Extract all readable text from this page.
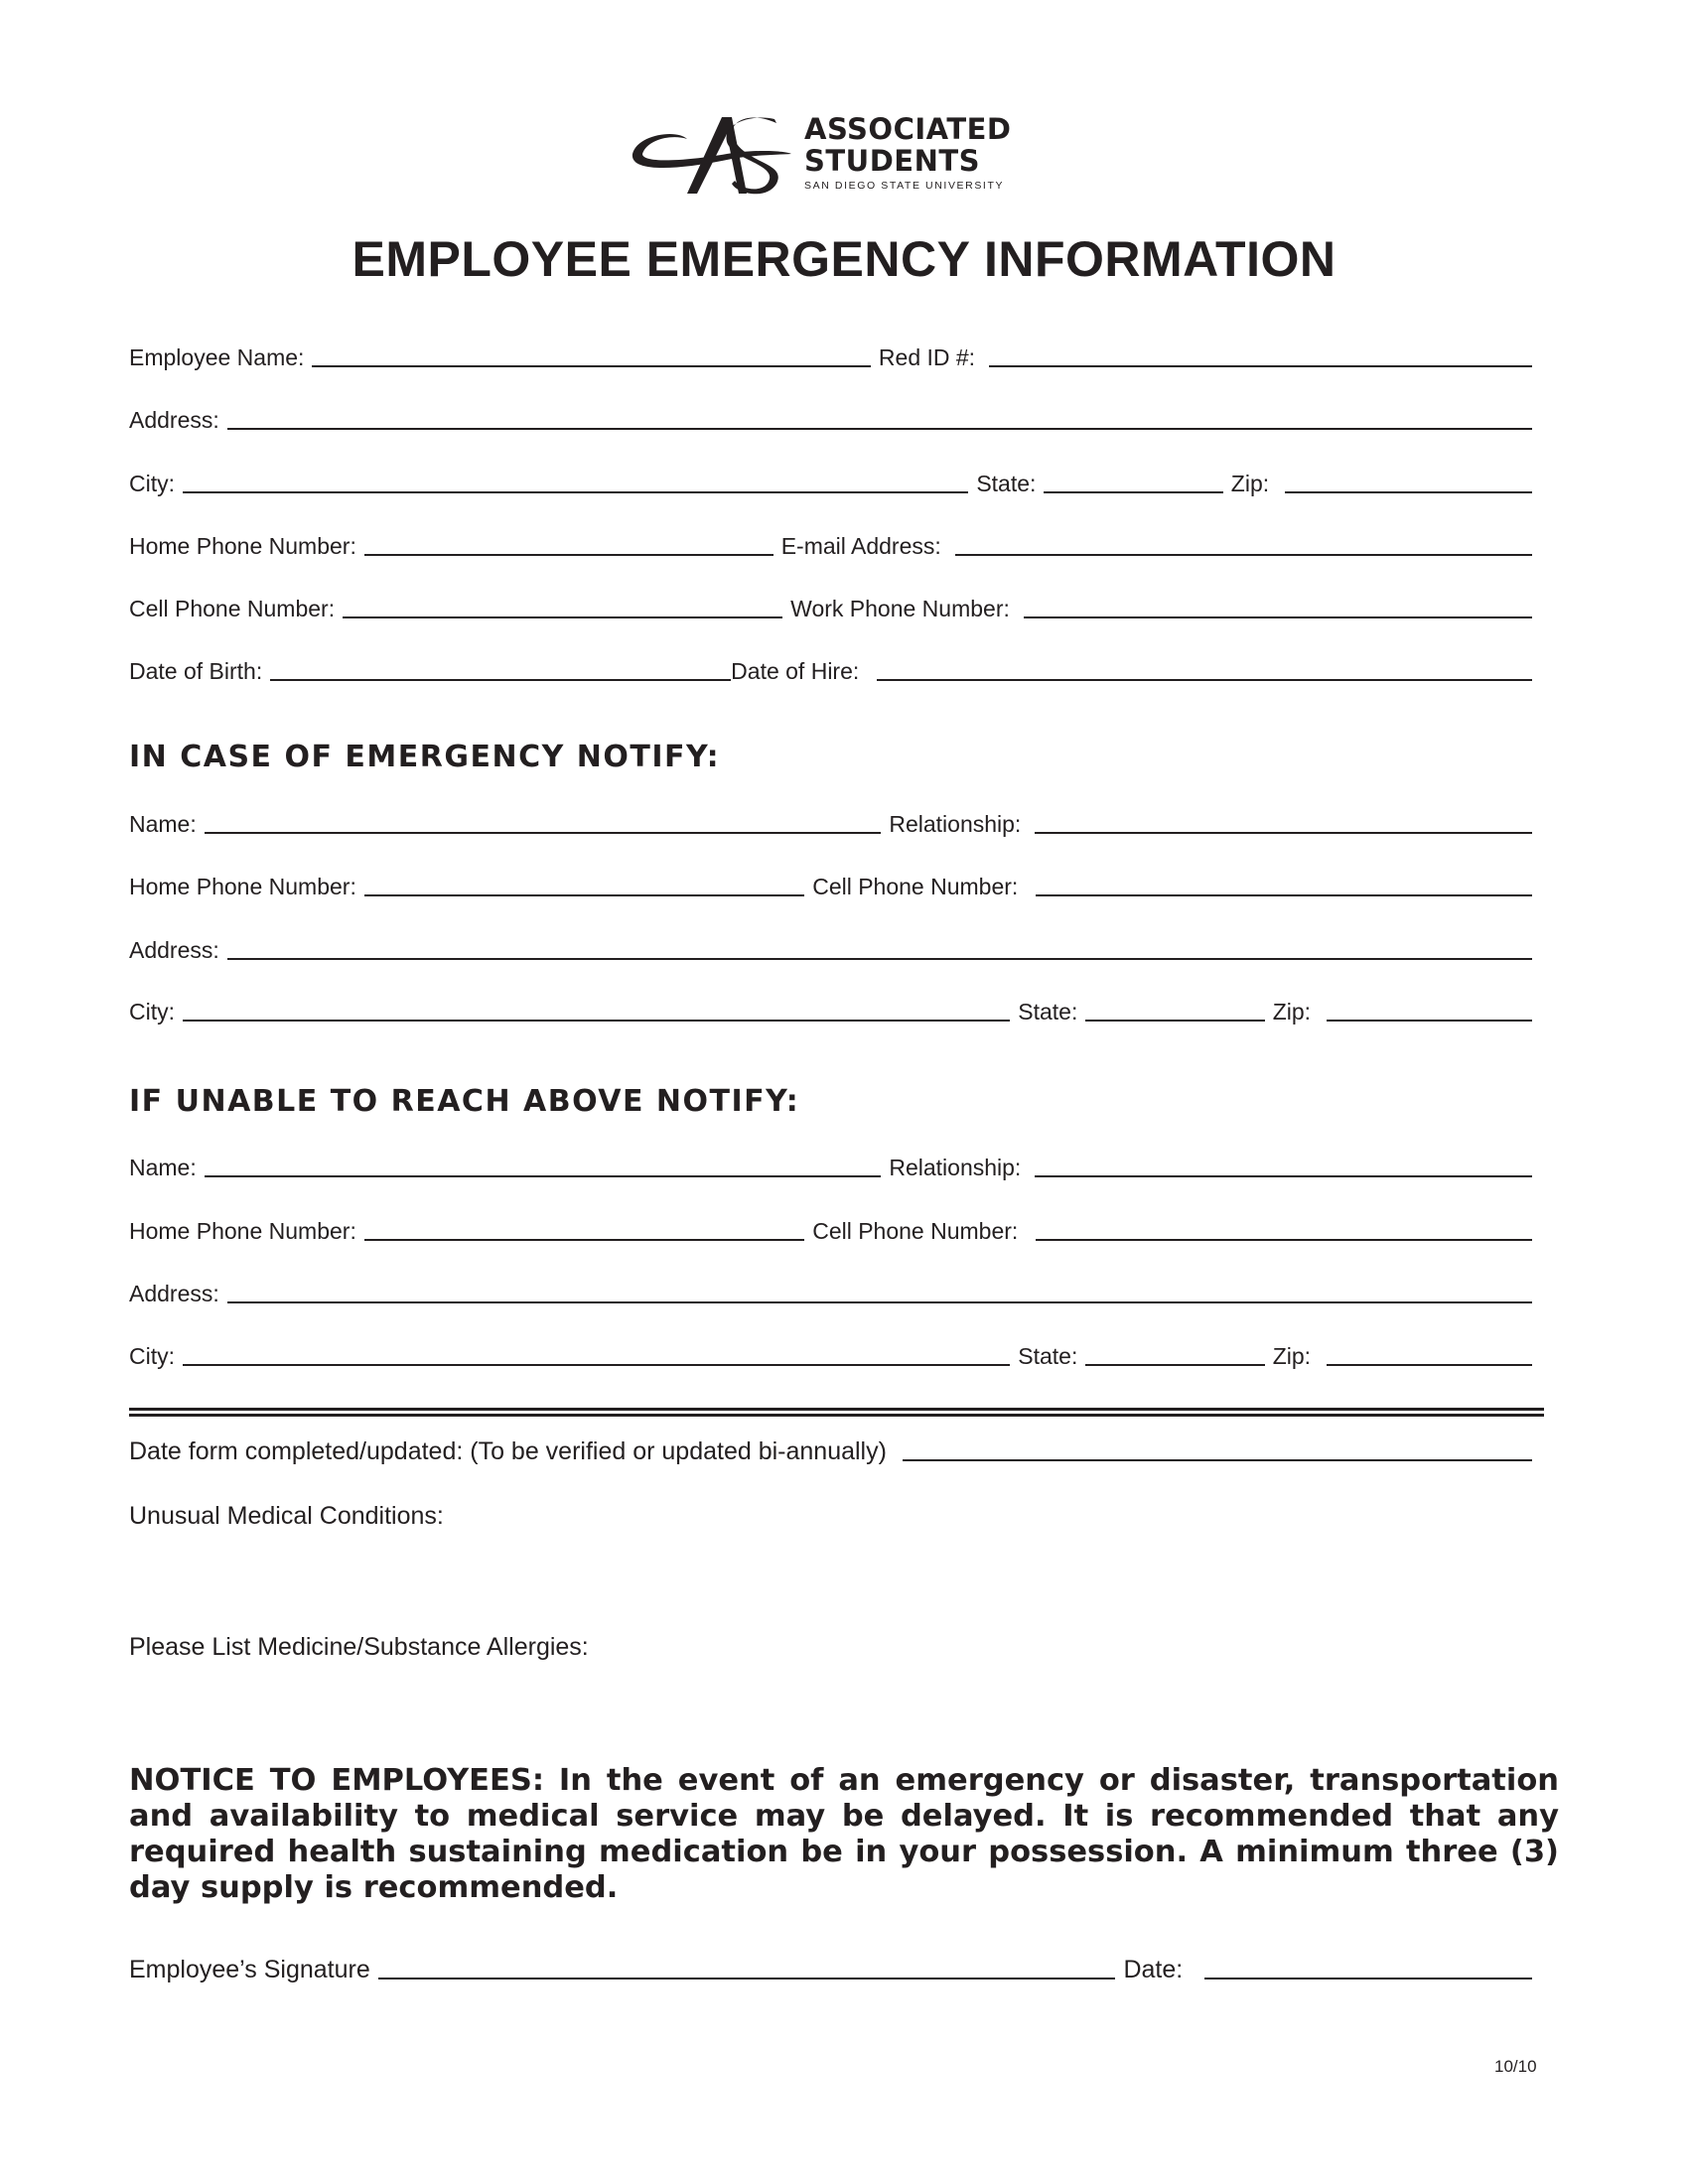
ASSOCIATED
STUDENTS
SAN DIEGO STATE UNIVERSITY
EMPLOYEE EMERGENCY INFORMATION
Employee Name:	Red ID #:
Address:
City:	State:	Zip:
Home Phone Number:	E-mail Address:
Cell Phone Number:	Work Phone Number:
Date of Birth:	Date of Hire:
IN CASE OF EMERGENCY NOTIFY:
Name:	Relationship:
Home Phone Number:	Cell Phone Number:
Address:
City:	State:	Zip:
IF UNABLE TO REACH ABOVE NOTIFY:
Name:	Relationship:
Home Phone Number:	Cell Phone Number:
Address:
City:	State:	Zip:
Date form completed/updated: (To be verified or updated bi-annually)
Unusual Medical Conditions:
Please List Medicine/Substance Allergies:
NOTICE TO EMPLOYEES: In the event of an emergency or disaster, transportation and availability to medical service may be delayed. It is recommended that any required health sustaining medication be in your possession. A minimum three (3) day supply is recommended.
Employee’s Signature	Date:
10/10
